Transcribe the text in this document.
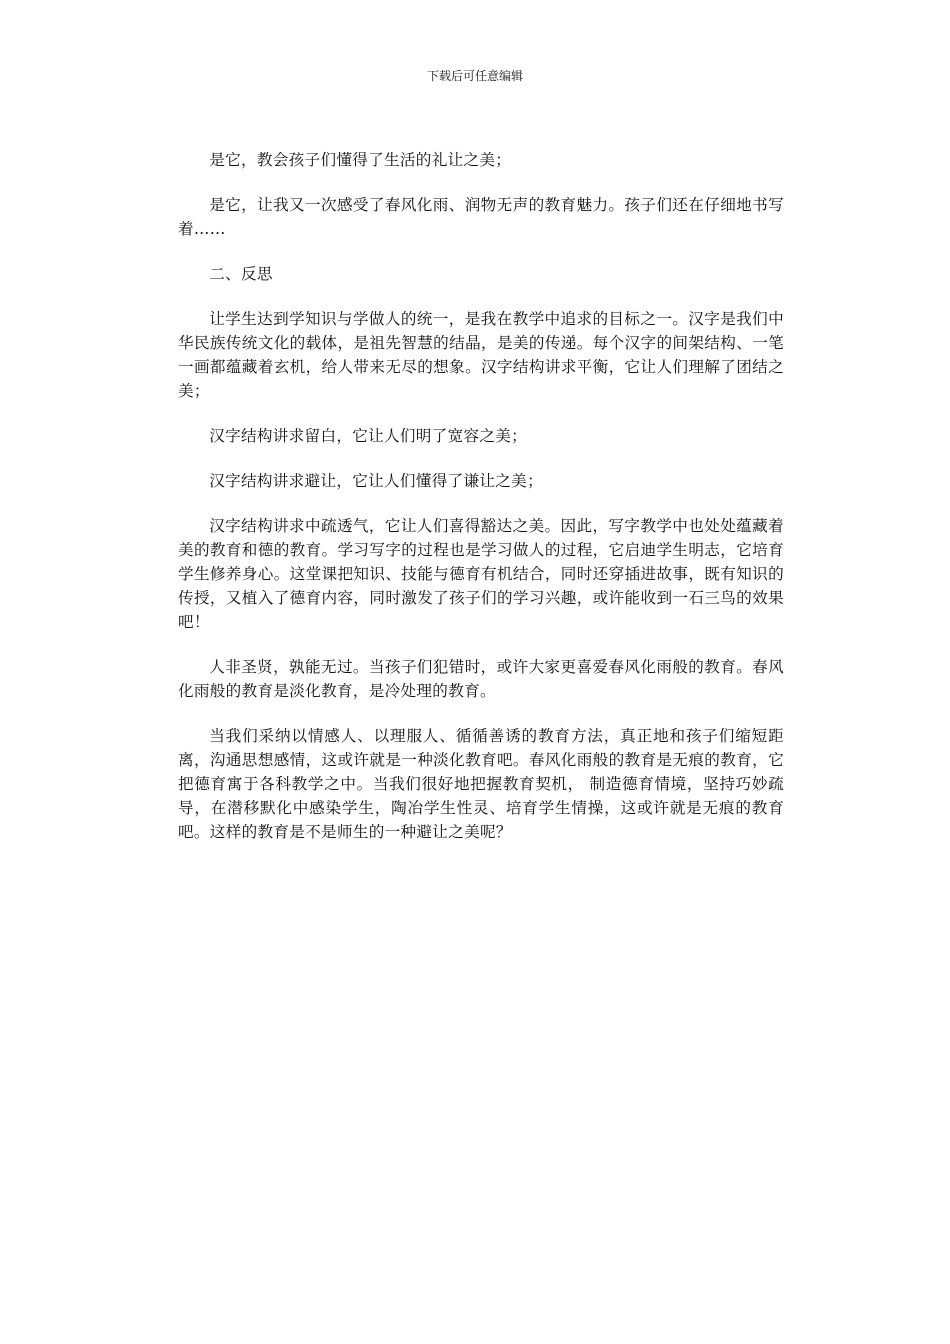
下载后可任意编辑

是它，教会孩子们懂得了生活的礼让之美；

是它，让我又一次感受了春风化雨、润物无声的教育魅力。孩子们还在仔细地书写着……

二、反思

让学生达到学知识与学做人的统一，是我在教学中追求的目标之一。汉字是我们中华民族传统文化的载体，是祖先智慧的结晶，是美的传递。每个汉字的间架结构、一笔一画都蕴藏着玄机，给人带来无尽的想象。汉字结构讲求平衡，它让人们理解了团结之美；

汉字结构讲求留白，它让人们明了宽容之美；

汉字结构讲求避让，它让人们懂得了谦让之美；

汉字结构讲求中疏透气，它让人们喜得豁达之美。因此，写字教学中也处处蕴藏着美的教育和德的教育。学习写字的过程也是学习做人的过程，它启迪学生明志，它培育学生修养身心。这堂课把知识、技能与德育有机结合，同时还穿插进故事，既有知识的传授，又植入了德育内容，同时激发了孩子们的学习兴趣，或许能收到一石三鸟的效果吧！

人非圣贤，孰能无过。当孩子们犯错时，或许大家更喜爱春风化雨般的教育。春风化雨般的教育是淡化教育，是冷处理的教育。

当我们采纳以情感人、以理服人、循循善诱的教育方法，真正地和孩子们缩短距离，沟通思想感情，这或许就是一种淡化教育吧。春风化雨般的教育是无痕的教育，它把德育寓于各科教学之中。当我们很好地把握教育契机， 制造德育情境，坚持巧妙疏导，在潜移默化中感染学生，陶冶学生性灵、培育学生情操，这或许就是无痕的教育吧。这样的教育是不是师生的一种避让之美呢？
